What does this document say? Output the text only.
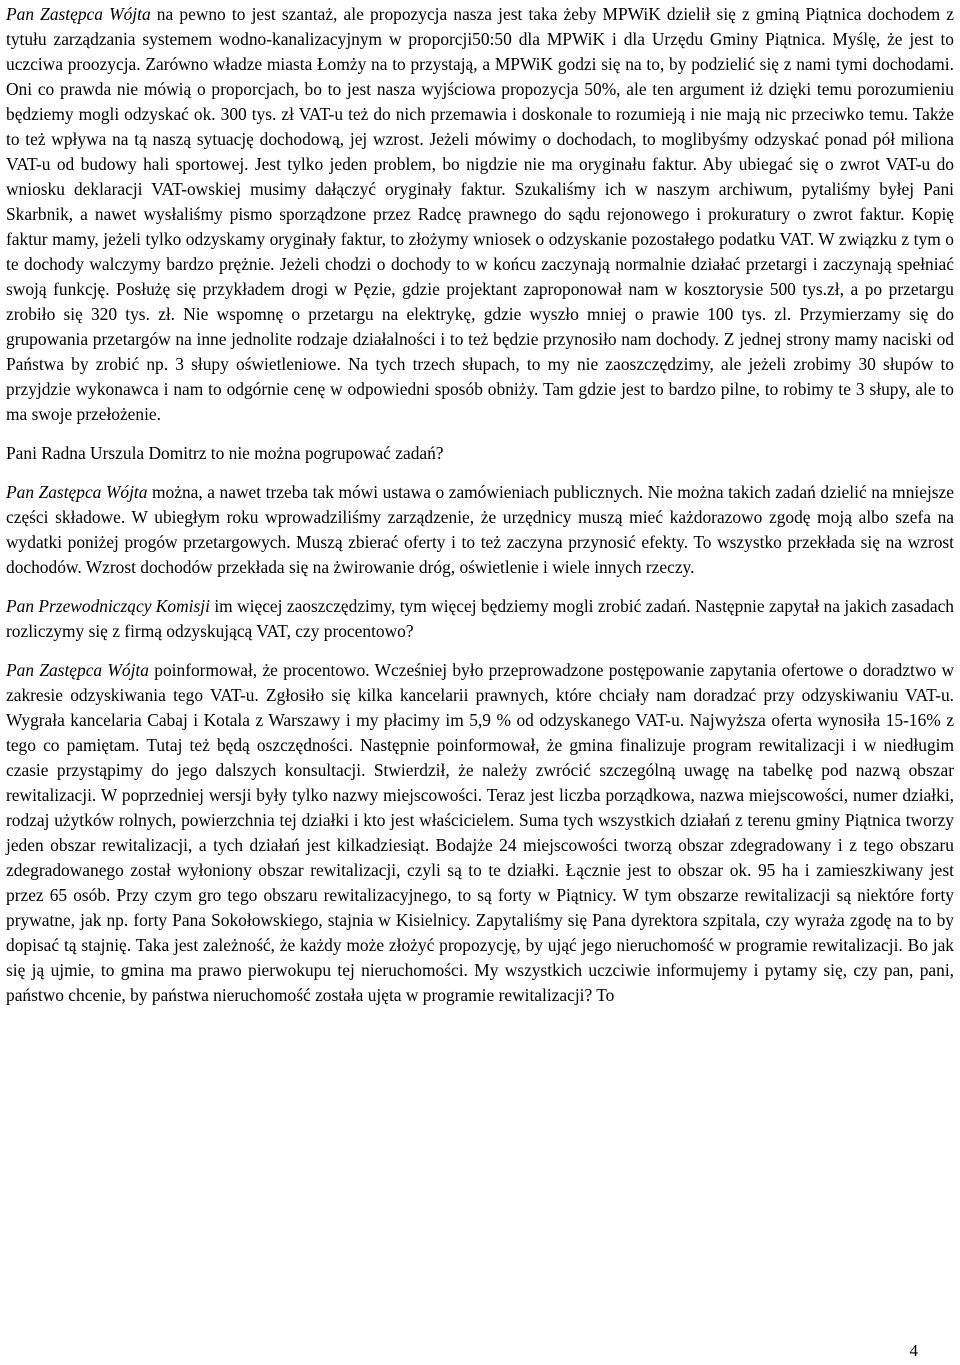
Pan Zastępca Wójta na pewno to jest szantaż, ale propozycja nasza jest taka żeby MPWiK dzielił się z gminą Piątnica dochodem z tytułu zarządzania systemem wodno-kanalizacyjnym w proporcji50:50 dla MPWiK i dla Urzędu Gminy Piątnica. Myślę, że jest to uczciwa proozycja. Zarówno władze miasta Łomży na to przystają, a MPWiK godzi się na to, by podzielić się z nami tymi dochodami. Oni co prawda nie mówią o proporcjach, bo to jest nasza wyjściowa propozycja 50%, ale ten argument iż dzięki temu porozumieniu będziemy mogli odzyskać ok. 300 tys. zł VAT-u też do nich przemawia i doskonale to rozumieją i nie mają nic przeciwko temu. Także to też wpływa na tą naszą sytuację dochodową, jej wzrost. Jeżeli mówimy o dochodach, to moglibyśmy odzyskać ponad pół miliona VAT-u od budowy hali sportowej. Jest tylko jeden problem, bo nigdzie nie ma oryginału faktur. Aby ubiegać się o zwrot VAT-u do wniosku deklaracji VAT-owskiej musimy dałączyć oryginały faktur. Szukaliśmy ich w naszym archiwum, pytaliśmy byłej Pani Skarbnik, a nawet wysłaliśmy pismo sporządzone przez Radcę prawnego do sądu rejonowego i prokuratury o zwrot faktur. Kopię faktur mamy, jeżeli tylko odzyskamy oryginały faktur, to złożymy wniosek o odzyskanie pozostałego podatku VAT. W związku z tym o te dochody walczymy bardzo prężnie. Jeżeli chodzi o dochody to w końcu zaczynają normalnie działać przetargi i zaczynają spełniać swoją funkcję. Posłużę się przykładem drogi w Pęzie, gdzie projektant zaproponował nam w kosztorysie 500 tys.zł, a po przetargu zrobiło się 320 tys. zł. Nie wspomnę o przetargu na elektrykę, gdzie wyszło mniej o prawie 100 tys. zl. Przymierzamy się do grupowania przetargów na inne jednolite rodzaje działalności i to też będzie przynosiło nam dochody. Z jednej strony mamy naciski od Państwa by zrobić np. 3 słupy oświetleniowe. Na tych trzech słupach, to my nie zaoszczędzimy, ale jeżeli zrobimy 30 słupów to przyjdzie wykonawca i nam to odgórnie cenę w odpowiedni sposób obniży. Tam gdzie jest to bardzo pilne, to robimy te 3 słupy, ale to ma swoje przełożenie.

Pani Radna Urszula Domitrz to nie można pogrupować zadań?

Pan Zastępca Wójta można, a nawet trzeba tak mówi ustawa o zamówieniach publicznych. Nie można takich zadań dzielić na mniejsze części składowe. W ubiegłym roku wprowadziliśmy zarządzenie, że urzędnicy muszą mieć każdorazowo zgodę moją albo szefa na wydatki poniżej progów przetargowych. Muszą zbierać oferty i to też zaczyna przynosić efekty. To wszystko przekłada się na wzrost dochodów. Wzrost dochodów przekłada się na żwirowanie dróg, oświetlenie i wiele innych rzeczy.

Pan Przewodniczący Komisji im więcej zaoszczędzimy, tym więcej będziemy mogli zrobić zadań. Następnie zapytał na jakich zasadach rozliczymy się z firmą odzyskującą VAT, czy procentowo?

Pan Zastępca Wójta poinformował, że procentowo. Wcześniej było przeprowadzone postępowanie zapytania ofertowe o doradztwo w zakresie odzyskiwania tego VAT-u. Zgłosiło się kilka kancelarii prawnych, które chciały nam doradzać przy odzyskiwaniu VAT-u. Wygrała kancelaria Cabaj i Kotala z Warszawy i my płacimy im 5,9 % od odzyskanego VAT-u. Najwyższa oferta wynosiła 15-16% z tego co pamiętam. Tutaj też będą oszczędności. Następnie poinformował, że gmina finalizuje program rewitalizacji i w niedługim czasie przystąpimy do jego dalszych konsultacji. Stwierdził, że należy zwrócić szczególną uwagę na tabelkę pod nazwą obszar rewitalizacji. W poprzedniej wersji były tylko nazwy miejscowości. Teraz jest liczba porządkowa, nazwa miejscowości, numer działki, rodzaj użytków rolnych, powierzchnia tej działki i kto jest właścicielem. Suma tych wszystkich działań z terenu gminy Piątnica tworzy jeden obszar rewitalizacji, a tych działań jest kilkadziesiąt. Bodajże 24 miejscowości tworzą obszar zdegradowany i z tego obszaru zdegradowanego został wyłoniony obszar rewitalizacji, czyli są to te działki. Łącznie jest to obszar ok. 95 ha i zamieszkiwany jest przez 65 osób. Przy czym gro tego obszaru rewitalizacyjnego, to są forty w Piątnicy. W tym obszarze rewitalizacji są niektóre forty prywatne, jak np. forty Pana Sokołowskiego, stajnia w Kisielnicy. Zapytaliśmy się Pana dyrektora szpitala, czy wyraża zgodę na to by dopisać tą stajnię. Taka jest zależność, że każdy może złożyć propozycję, by ująć jego nieruchomość w programie rewitalizacji. Bo jak się ją ujmie, to gmina ma prawo pierwokupu tej nieruchomości. My wszystkich uczciwie informujemy i pytamy się, czy pan, pani, państwo chcenie, by państwa nieruchomość została ujęta w programie rewitalizacji? To

4
